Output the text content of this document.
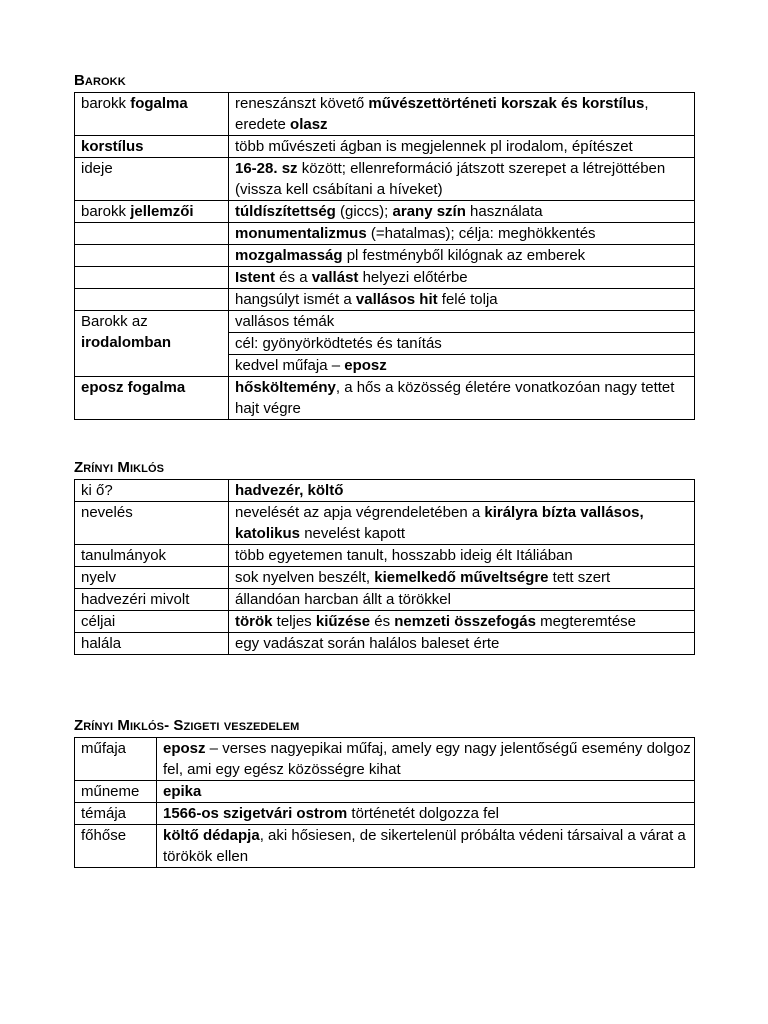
Barokk
barokk fogalma	reneszánszt követő művészettörténeti korszak és korstílus, eredete olasz
korstílus	több művészeti ágban is megjelennek pl irodalom, építészet
ideje	16-28. sz között; ellenreformáció játszott szerepet a létrejöttében (vissza kell csábítani a híveket)
barokk jellemzői	túldíszítettség (giccs); arany szín használata
	monumentalizmus (=hatalmas); célja: meghökkentés
	mozgalmasság pl festményből kilógnak az emberek
	Istent és a vallást helyezi előtérbe
	hangsúlyt ismét a vallásos hit felé tolja
Barokk az irodalomban	vallásos témák
	cél: gyönyörködtetés és tanítás
	kedvel műfaja – eposz
eposz fogalma	hősköltemény, a hős a közösség életére vonatkozóan nagy tettet hajt végre
Zrínyi Miklós
ki ő?	hadvezér, költő
nevelés	nevelését az apja végrendeletében a királyra bízta vallásos, katolikus nevelést kapott
tanulmányok	több egyetemen tanult, hosszabb ideig élt Itáliában
nyelv	sok nyelven beszélt, kiemelkedő műveltségre tett szert
hadvezéri mivolt	állandóan harcban állt a törökkel
céljai	török teljes kiűzése és nemzeti összefogás megteremtése
halála	egy vadászat során halálos baleset érte
Zrínyi Miklós- Szigeti veszedelem
műfaja	eposz – verses nagyepikai műfaj, amely egy nagy jelentőségű esemény dolgoz fel, ami egy egész közösségre kihat
műneme	epika
témája	1566-os szigetvári ostrom történetét dolgozza fel
főhőse	költő dédapja, aki hősiesen, de sikertelenül próbálta védeni társaival a várat a törökök ellen
